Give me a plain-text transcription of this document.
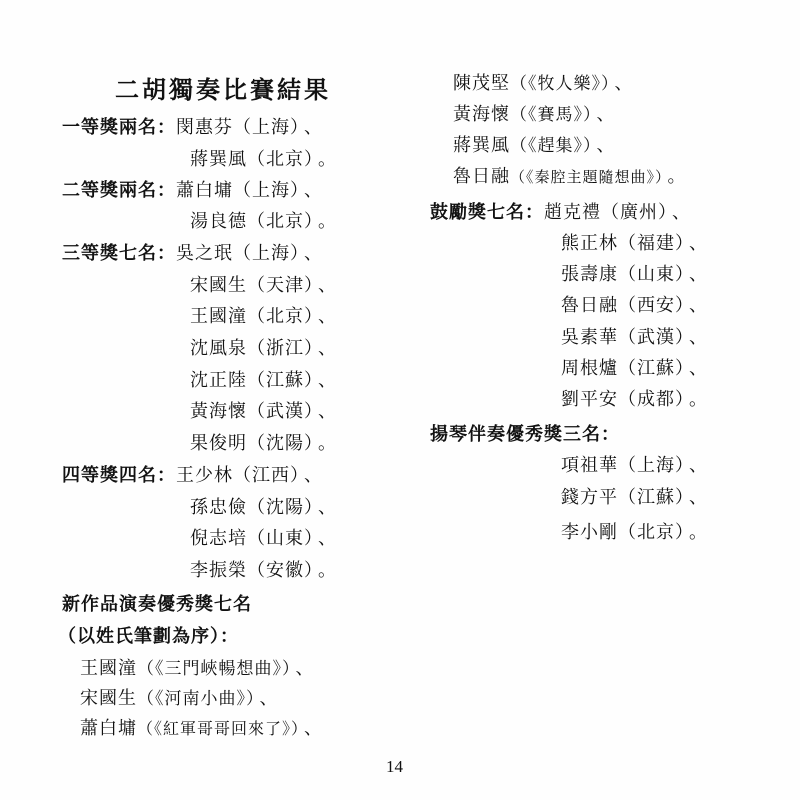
二胡獨奏比賽結果
一等獎兩名：閔惠芬（上海） 、
蔣巽風（北京） 。
二等獎兩名：蕭白墉（上海） 、
湯良德（北京） 。
三等獎七名：吳之珉（上海） 、
宋國生（天津） 、
王國潼（北京） 、
沈風泉（浙江） 、
沈正陸（江蘇） 、
黃海懷（武漢） 、
果俊明（沈陽） 。
四等獎四名：王少林（江西） 、
孫忠儉（沈陽） 、
倪志培（山東） 、
李振榮（安徽） 。
新作品演奏優秀獎七名
（以姓氏筆劃為序）：
王國潼（《三門峽暢想曲》） 、
宋國生（《河南小曲》） 、
蕭白墉（《紅軍哥哥回來了》） 、
陳茂堅（《牧人樂》） 、
黃海懷（《賽馬》） 、
蔣巽風（《趕集》） 、
魯日融（《秦腔主題隨想曲》） 。
鼓勵獎七名：趙克禮（廣州） 、
熊正林（福建） 、
張壽康（山東） 、
魯日融（西安） 、
吳素華（武漢） 、
周根爐（江蘇） 、
劉平安（成都） 。
揚琴伴奏優秀獎三名：
項祖華（上海） 、
錢方平（江蘇） 、
李小剛（北京） 。
14
